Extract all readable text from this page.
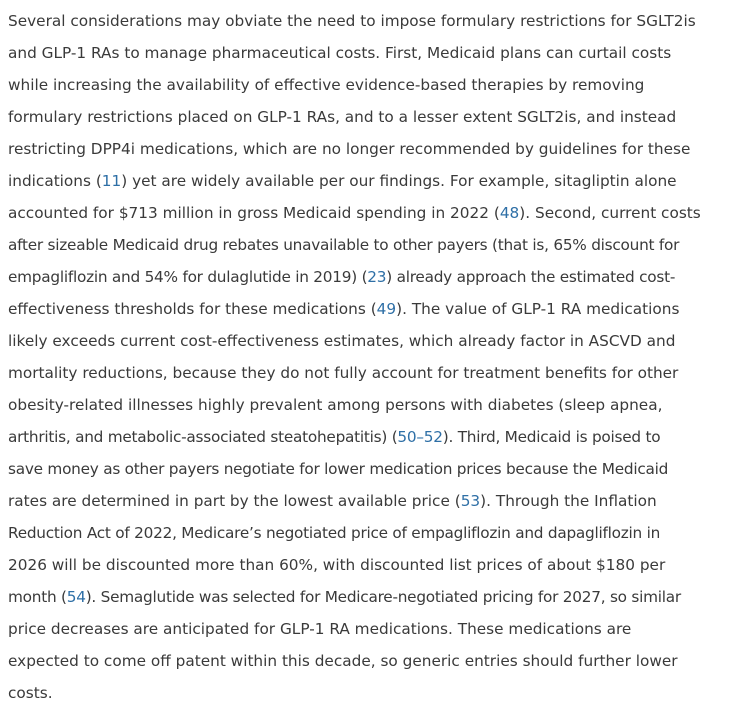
Several considerations may obviate the need to impose formulary restrictions for SGLT2is
and GLP-1 RAs to manage pharmaceutical costs. First, Medicaid plans can curtail costs
while increasing the availability of effective evidence-based therapies by removing
formulary restrictions placed on GLP-1 RAs, and to a lesser extent SGLT2is, and instead
restricting DPP4i medications, which are no longer recommended by guidelines for these
indications (11) yet are widely available per our findings. For example, sitagliptin alone
accounted for $713 million in gross Medicaid spending in 2022 (48). Second, current costs
after sizeable Medicaid drug rebates unavailable to other payers (that is, 65% discount for
empagliflozin and 54% for dulaglutide in 2019) (23) already approach the estimated cost-
effectiveness thresholds for these medications (49). The value of GLP-1 RA medications
likely exceeds current cost-effectiveness estimates, which already factor in ASCVD and
mortality reductions, because they do not fully account for treatment benefits for other
obesity-related illnesses highly prevalent among persons with diabetes (sleep apnea,
arthritis, and metabolic-associated steatohepatitis) (50–52). Third, Medicaid is poised to
save money as other payers negotiate for lower medication prices because the Medicaid
rates are determined in part by the lowest available price (53). Through the Inflation
Reduction Act of 2022, Medicare’s negotiated price of empagliflozin and dapagliflozin in
2026 will be discounted more than 60%, with discounted list prices of about $180 per
month (54). Semaglutide was selected for Medicare-negotiated pricing for 2027, so similar
price decreases are anticipated for GLP-1 RA medications. These medications are
expected to come off patent within this decade, so generic entries should further lower
costs.
